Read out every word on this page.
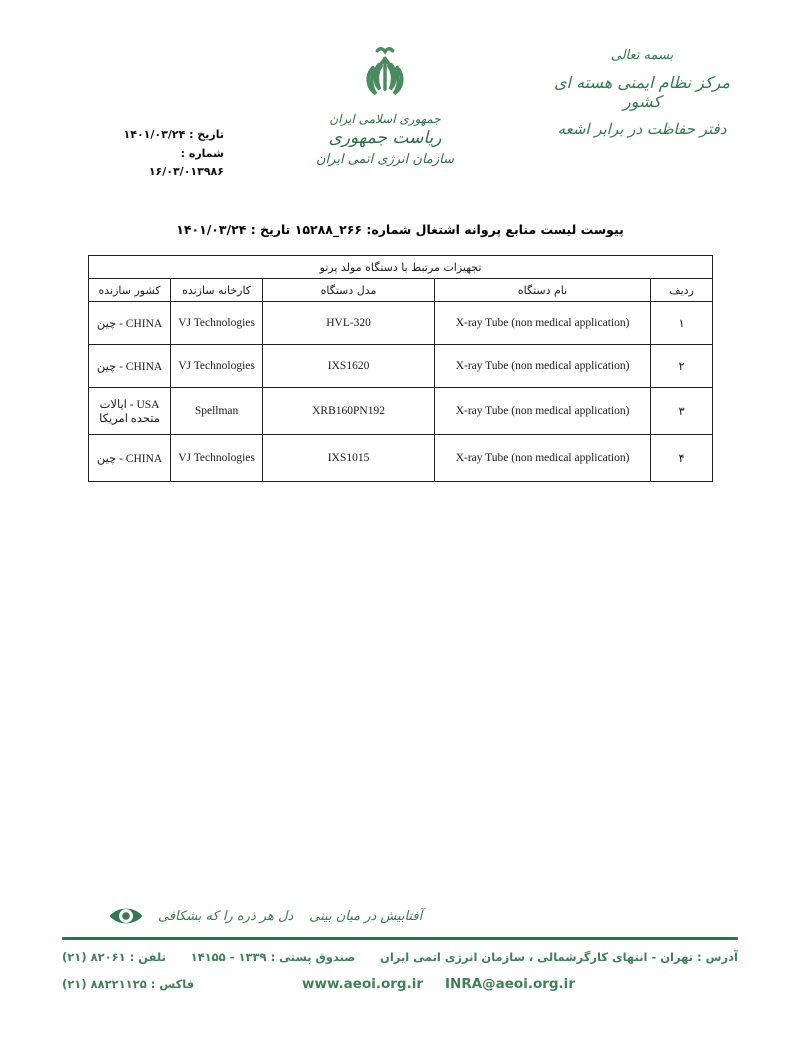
تاریخ : ۱۴۰۱/۰۳/۲۴
شماره : ۱۶/۰۳/۰۱۳۹۸۶
جمهوری اسلامی ایران
ریاست جمهوری
سازمان انرژی اتمی ایران
بسمه تعالی
مرکز نظام ایمنی هسته ای کشور
دفتر حفاظت در برابر اشعه
پیوست لیست منابع پروانه اشتغال شماره: ۲۶۶_۱۵۲۸۸ تاریخ : ۱۴۰۱/۰۳/۲۴
تجهیزات مرتبط با دستگاه مولد پرتو				
ردیف	نام دستگاه	مدل دستگاه	کارخانه سازنده	کشور سازنده
۱	X-ray Tube (non medical application)	HVL-320	VJ Technologies	CHINA - چین
۲	X-ray Tube (non medical application)	IXS1620	VJ Technologies	CHINA - چین
۳	X-ray Tube (non medical application)	XRB160PN192	Spellman	USA - ایالات متحده امریکا
۴	X-ray Tube (non medical application)	IXS1015	VJ Technologies	CHINA - چین
دل هر ذره را که بشکافی آفتابیش در میان بینی
آدرس : تهران - انتهای کارگرشمالی ، سازمان انرژی اتمی ایران
صندوق پستی : ۱۳۳۹ - ۱۴۱۵۵
تلفن : ۸۲۰۶۱ (۲۱)
فاکس : ۸۸۲۲۱۱۲۵ (۲۱)	www.aeoi.org.ir INRA@aeoi.org.ir
